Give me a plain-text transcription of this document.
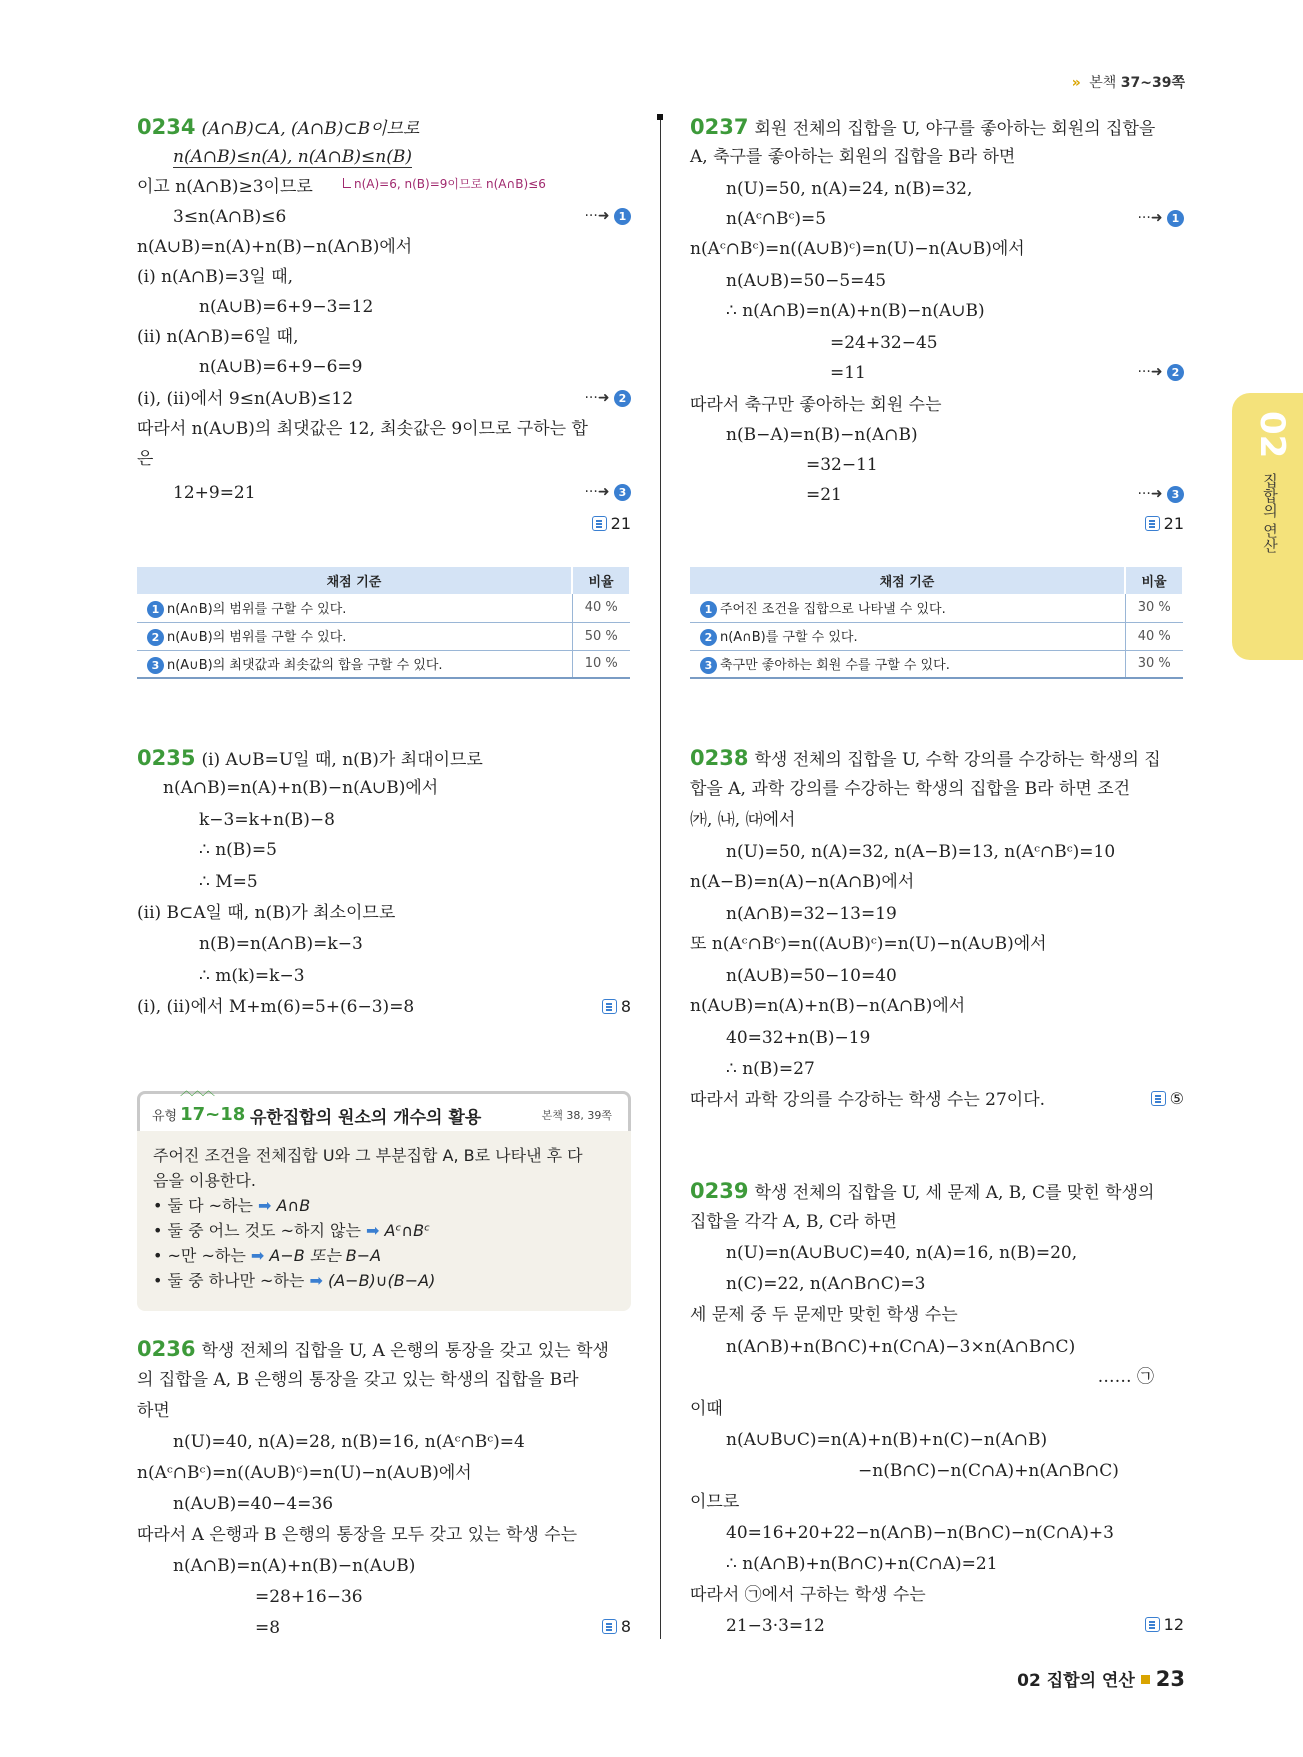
» 본책 37~39쪽
02
집합의 연산
0234 (A∩B)⊂A, (A∩B)⊂B이므로
n(A∩B)≤n(A), n(A∩B)≤n(B)
이고 n(A∩B)≥3이므로	n(A)=6, n(B)=9이므로 n(A∩B)≤6
3≤n(A∩B)≤6	···➜ 1
n(A∪B)=n(A)+n(B)−n(A∩B)에서
(i) n(A∩B)=3일 때,
n(A∪B)=6+9−3=12
(ii) n(A∩B)=6일 때,
n(A∪B)=6+9−6=9
(i), (ii)에서 9≤n(A∪B)≤12	···➜ 2
따라서 n(A∪B)의 최댓값은 12, 최솟값은 9이므로 구하는 합
은
12+9=21	···➜ 3
21
채점 기준	비율
1 n(A∩B)의 범위를 구할 수 있다.	40 %
2 n(A∪B)의 범위를 구할 수 있다.	50 %
3 n(A∪B)의 최댓값과 최솟값의 합을 구할 수 있다.	10 %
0235 (i) A∪B=U일 때, n(B)가 최대이므로
n(A∩B)=n(A)+n(B)−n(A∪B)에서
k−3=k+n(B)−8
∴ n(B)=5
∴ M=5
(ii) B⊂A일 때, n(B)가 최소이므로
n(B)=n(A∩B)=k−3
∴ m(k)=k−3
(i), (ii)에서 M+m(6)=5+(6−3)=8	8
︿︿︿
유형 17~18 유한집합의 원소의 개수의 활용	본책 38, 39쪽
주어진 조건을 전체집합 U와 그 부분집합 A, B로 나타낸 후 다
음을 이용한다.
• 둘 다 ~하는 ➡ A∩B
• 둘 중 어느 것도 ~하지 않는 ➡ Aᶜ∩Bᶜ
• ~만 ~하는 ➡ A−B 또는 B−A
• 둘 중 하나만 ~하는 ➡ (A−B)∪(B−A)
0236 학생 전체의 집합을 U, A 은행의 통장을 갖고 있는 학생
의 집합을 A, B 은행의 통장을 갖고 있는 학생의 집합을 B라
하면
n(U)=40, n(A)=28, n(B)=16, n(Aᶜ∩Bᶜ)=4
n(Aᶜ∩Bᶜ)=n((A∪B)ᶜ)=n(U)−n(A∪B)에서
n(A∪B)=40−4=36
따라서 A 은행과 B 은행의 통장을 모두 갖고 있는 학생 수는
n(A∩B)=n(A)+n(B)−n(A∪B)
=28+16−36
=8	8
0237 회원 전체의 집합을 U, 야구를 좋아하는 회원의 집합을
A, 축구를 좋아하는 회원의 집합을 B라 하면
n(U)=50, n(A)=24, n(B)=32,
n(Aᶜ∩Bᶜ)=5	···➜ 1
n(Aᶜ∩Bᶜ)=n((A∪B)ᶜ)=n(U)−n(A∪B)에서
n(A∪B)=50−5=45
∴ n(A∩B)=n(A)+n(B)−n(A∪B)
=24+32−45
=11	···➜ 2
따라서 축구만 좋아하는 회원 수는
n(B−A)=n(B)−n(A∩B)
=32−11
=21	···➜ 3
21
채점 기준	비율
1 주어진 조건을 집합으로 나타낼 수 있다.	30 %
2 n(A∩B)를 구할 수 있다.	40 %
3 축구만 좋아하는 회원 수를 구할 수 있다.	30 %
0238 학생 전체의 집합을 U, 수학 강의를 수강하는 학생의 집
합을 A, 과학 강의를 수강하는 학생의 집합을 B라 하면 조건
㈎, ㈏, ㈐에서
n(U)=50, n(A)=32, n(A−B)=13, n(Aᶜ∩Bᶜ)=10
n(A−B)=n(A)−n(A∩B)에서
n(A∩B)=32−13=19
또 n(Aᶜ∩Bᶜ)=n((A∪B)ᶜ)=n(U)−n(A∪B)에서
n(A∪B)=50−10=40
n(A∪B)=n(A)+n(B)−n(A∩B)에서
40=32+n(B)−19
∴ n(B)=27
따라서 과학 강의를 수강하는 학생 수는 27이다.	⑤
0239 학생 전체의 집합을 U, 세 문제 A, B, C를 맞힌 학생의
집합을 각각 A, B, C라 하면
n(U)=n(A∪B∪C)=40, n(A)=16, n(B)=20,
n(C)=22, n(A∩B∩C)=3
세 문제 중 두 문제만 맞힌 학생 수는
n(A∩B)+n(B∩C)+n(C∩A)−3×n(A∩B∩C)
…… ㉠
이때
n(A∪B∪C)=n(A)+n(B)+n(C)−n(A∩B)
−n(B∩C)−n(C∩A)+n(A∩B∩C)
이므로
40=16+20+22−n(A∩B)−n(B∩C)−n(C∩A)+3
∴ n(A∩B)+n(B∩C)+n(C∩A)=21
따라서 ㉠에서 구하는 학생 수는
21−3·3=12	12
02 집합의 연산 23
